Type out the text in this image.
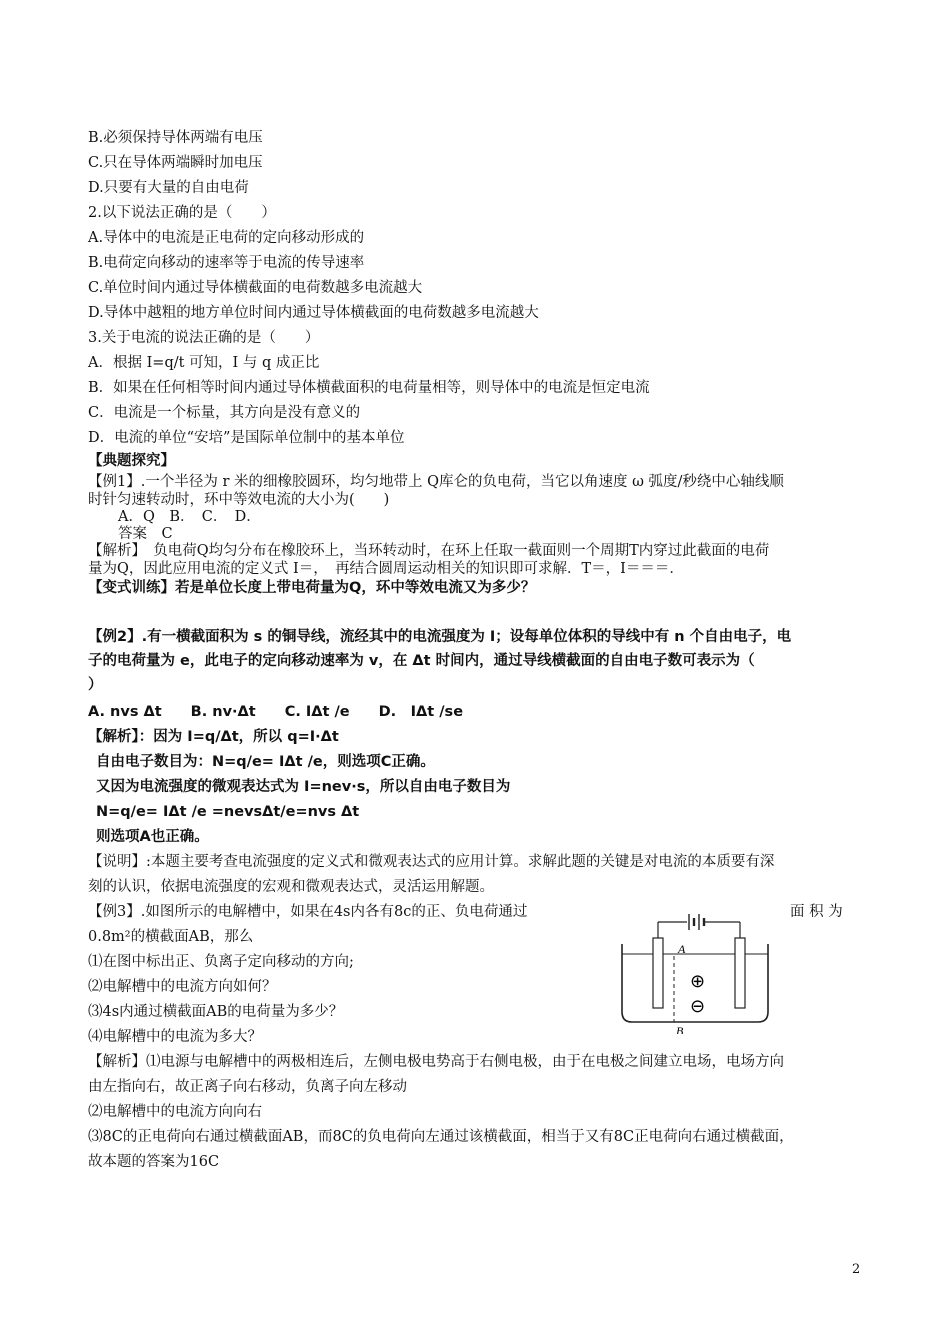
B.必须保持导体两端有电压
C.只在导体两端瞬时加电压
D.只要有大量的自由电荷
2.以下说法正确的是（　　）
A.导体中的电流是正电荷的定向移动形成的
B.电荷定向移动的速率等于电流的传导速率
C.单位时间内通过导体横截面的电荷数越多电流越大
D.导体中越粗的地方单位时间内通过导体横截面的电荷数越多电流越大
3.关于电流的说法正确的是（　　）
A．根据 I=q/t 可知，I 与 q 成正比
B．如果在任何相等时间内通过导体横截面积的电荷量相等，则导体中的电流是恒定电流
C．电流是一个标量，其方向是没有意义的
D．电流的单位“安培”是国际单位制中的基本单位
【典题探究】
【例1】.一个半径为 r 米的细橡胶圆环，均匀地带上 Q库仑的负电荷，当它以角速度 ω 弧度/秒绕中心轴线顺
时针匀速转动时，环中等效电流的大小为(　　)
A．Q　B．　C．　D．
答案　C
【解析】　负电荷Q均匀分布在橡胶环上，当环转动时，在环上任取一截面则一个周期T内穿过此截面的电荷
量为Q，因此应用电流的定义式 I＝，　再结合圆周运动相关的知识即可求解．T＝，I＝＝＝．
【变式训练】若是单位长度上带电荷量为Q，环中等效电流又为多少？
【例2】.有一横截面积为 s 的铜导线，流经其中的电流强度为 I；设每单位体积的导线中有 n 个自由电子，电
子的电荷量为 e，此电子的定向移动速率为 v，在 Δt 时间内，通过导线横截面的自由电子数可表示为（
）
A. nvs Δt　　B. nv·Δt　　C. IΔt /e　　D.　IΔt /se
【解析】：因为 I=q/Δt，所以 q=I·Δt
自由电子数目为：N=q/e= IΔt /e，则选项C正确。
又因为电流强度的微观表达式为 I=nev·s，所以自由电子数目为
N=q/e= IΔt /e =nevsΔt/e=nvs Δt
则选项A也正确。
【说明】:本题主要考查电流强度的定义式和微观表达式的应用计算。求解此题的关键是对电流的本质要有深
刻的认识，依据电流强度的宏观和微观表达式，灵活运用解题。
【例3】.如图所示的电解槽中，如果在4s内各有8c的正、负电荷通过	面 积 为
0.8m²的横截面AB，那么
⑴在图中标出正、负离子定向移动的方向;
⑵电解槽中的电流方向如何？
⑶4s内通过横截面AB的电荷量为多少？
⑷电解槽中的电流为多大？
【解析】⑴电源与电解槽中的两极相连后，左侧电极电势高于右侧电极，由于在电极之间建立电场，电场方向
由左指向右，故正离子向右移动，负离子向左移动
⑵电解槽中的电流方向向右
⑶8C的正电荷向右通过横截面AB，而8C的负电荷向左通过该横截面，相当于又有8C正电荷向右通过横截面，
故本题的答案为16C
A
B
⊕
⊖
2
